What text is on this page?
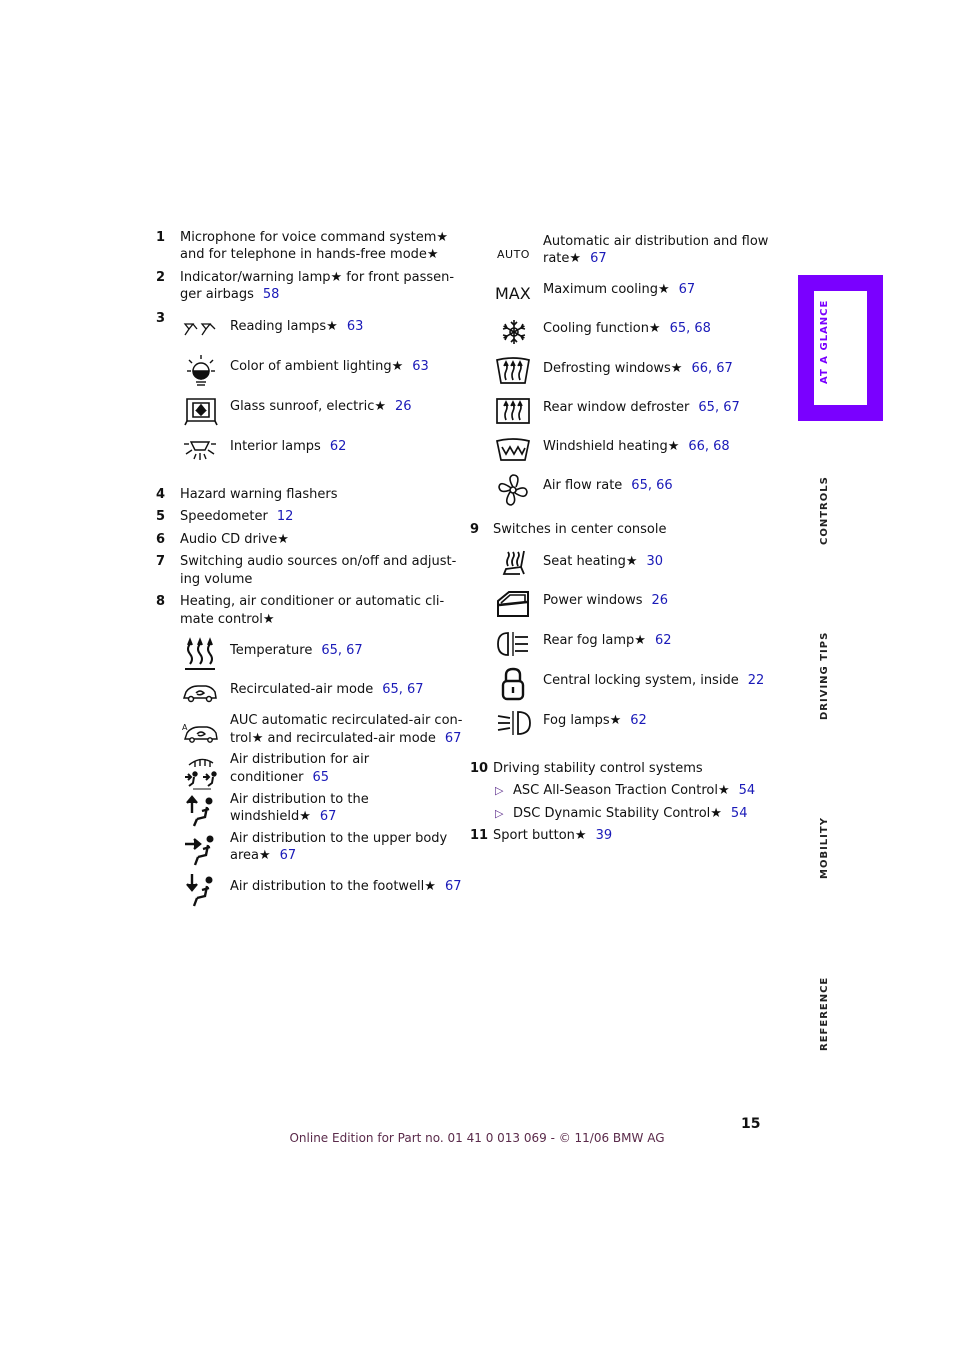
1 Microphone for voice command system★
and for telephone in hands-free mode★
2 Indicator/warning lamp★ for front passen-
ger airbags 58
3
Reading lamps★ 63
Color of ambient lighting★ 63
Glass sunroof, electric★ 26
Interior lamps 62
4 Hazard warning flashers
5 Speedometer 12
6 Audio CD drive★
7 Switching audio sources on/off and adjust-
ing volume
8 Heating, air conditioner or automatic cli-
mate control★
Temperature 65, 67
Recirculated-air mode 65, 67
A	AUC automatic recirculated-air con-
trol★ and recirculated-air mode 67
Air distribution for air
conditioner 65
Air distribution to the
windshield★ 67
Air distribution to the upper body
area★ 67
Air distribution to the footwell★ 67
AUTO
Automatic air distribution and flow
rate★ 67
MAX Maximum cooling★ 67
Cooling function★ 65, 68
Defrosting windows★ 66, 67
Rear window defroster 65, 67
Windshield heating★ 66, 68
Air flow rate 65, 66
9 Switches in center console
Seat heating★ 30
Power windows 26
Rear fog lamp★ 62
Central locking system, inside 22
Fog lamps★ 62
10 Driving stability control systems
▷ ASC All-Season Traction Control★ 54
▷ DSC Dynamic Stability Control★ 54
11 Sport button★ 39
AT A GLANCE
CONTROLS
DRIVING TIPS
MOBILITY
REFERENCE
15
Online Edition for Part no. 01 41 0 013 069 - © 11/06 BMW AG
